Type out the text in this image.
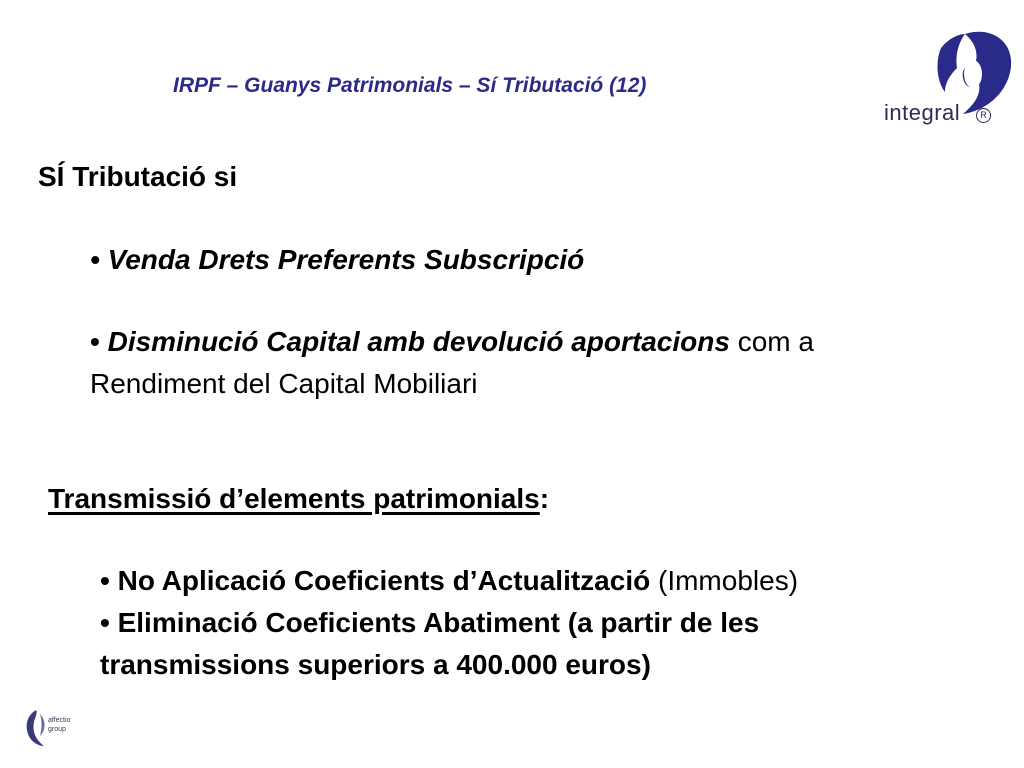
IRPF – Guanys Patrimonials – Sí Tributació (12)
integral	R
SÍ Tributació si
• Venda Drets Preferents Subscripció
• Disminució Capital amb devolució aportacions com a
Rendiment del Capital Mobiliari
Transmissió d’elements patrimonials:
• No Aplicació Coeficients d’Actualització (Immobles)
• Eliminació Coeficients Abatiment (a partir de les
transmissions superiors a 400.000 euros)
affectio
group
